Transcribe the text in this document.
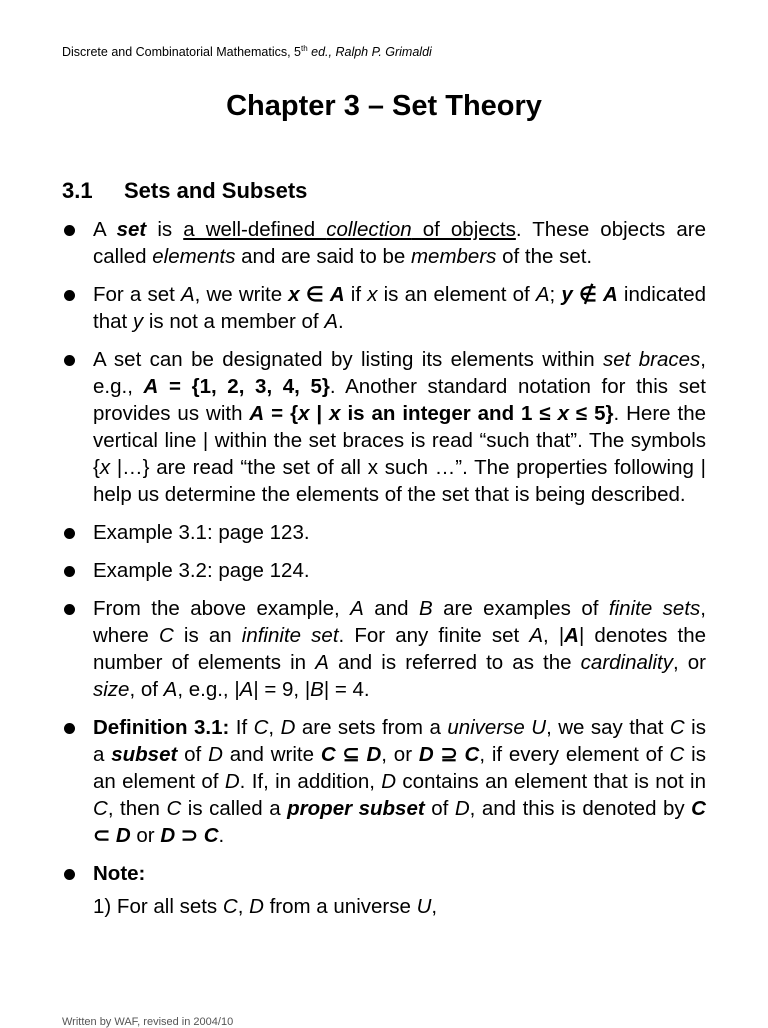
Discrete and Combinatorial Mathematics, 5th ed., Ralph P. Grimaldi
Chapter 3 – Set Theory
3.1 Sets and Subsets
A set is a well-defined collection of objects. These objects are called elements and are said to be members of the set.
For a set A, we write x ∈ A if x is an element of A; y ∉ A indicated that y is not a member of A.
A set can be designated by listing its elements within set braces, e.g., A = {1, 2, 3, 4, 5}. Another standard notation for this set provides us with A = {x | x is an integer and 1 ≤ x ≤ 5}. Here the vertical line | within the set braces is read “such that”. The symbols {x |…} are read “the set of all x such …”. The properties following | help us determine the elements of the set that is being described.
Example 3.1: page 123.
Example 3.2: page 124.
From the above example, A and B are examples of finite sets, where C is an infinite set. For any finite set A, |A| denotes the number of elements in A and is referred to as the cardinality, or size, of A, e.g., |A| = 9, |B| = 4.
Definition 3.1: If C, D are sets from a universe U, we say that C is a subset of D and write C ⊆ D, or D ⊇ C, if every element of C is an element of D. If, in addition, D contains an element that is not in C, then C is called a proper subset of D, and this is denoted by C ⊂ D or D ⊃ C.
Note:
1) For all sets C, D from a universe U,
Written by WAF, revised in 2004/10
